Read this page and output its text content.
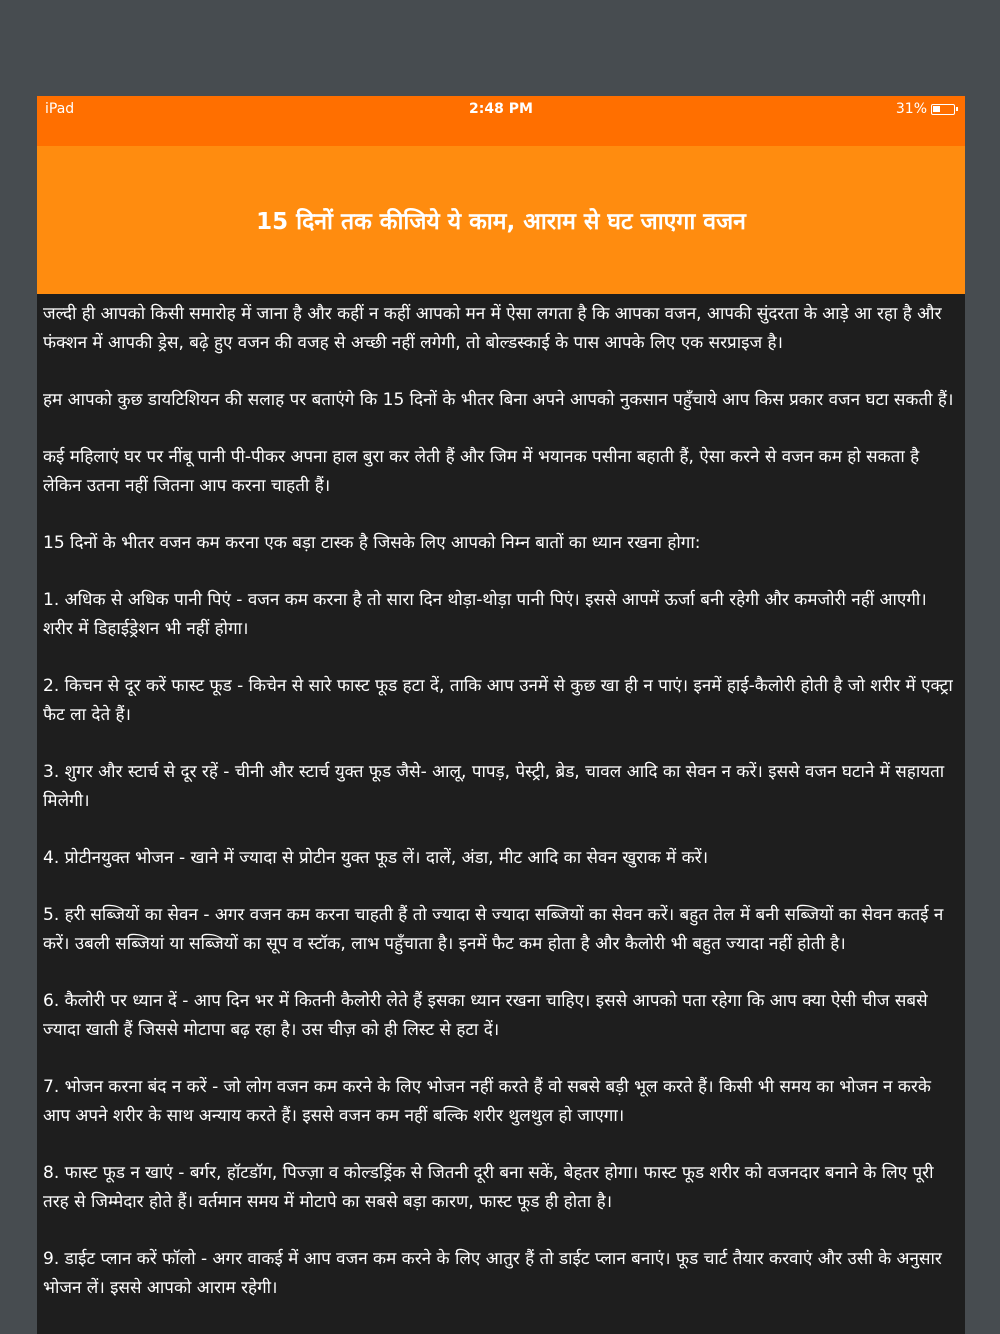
iPad	2:48 PM	31%
15 दिनों तक कीजिये ये काम, आराम से घट जाएगा वजन

जल्दी ही आपको किसी समारोह में जाना है और कहीं न कहीं आपको मन में ऐसा लगता है कि आपका वजन, आपकी सुंदरता के आड़े आ रहा है और फंक्शन में आपकी ड्रेस, बढ़े हुए वजन की वजह से अच्छी नहीं लगेगी, तो बोल्डस्काई के पास आपके लिए एक सरप्राइज है।

हम आपको कुछ डायटिशियन की सलाह पर बताएंगे कि 15 दिनों के भीतर बिना अपने आपको नुकसान पहुँचाये आप किस प्रकार वजन घटा सकती हैं।

कई महिलाएं घर पर नींबू पानी पी-पीकर अपना हाल बुरा कर लेती हैं और जिम में भयानक पसीना बहाती हैं, ऐसा करने से वजन कम हो सकता है लेकिन उतना नहीं जितना आप करना चाहती हैं।

15 दिनों के भीतर वजन कम करना एक बड़ा टास्क है जिसके लिए आपको निम्न बातों का ध्यान रखना होगा:

1. अधिक से अधिक पानी पिएं - वजन कम करना है तो सारा दिन थोड़ा-थोड़ा पानी पिएं। इससे आपमें ऊर्जा बनी रहेगी और कमजोरी नहीं आएगी। शरीर में डिहाईड्रेशन भी नहीं होगा।

2. किचन से दूर करें फास्ट फूड - किचेन से सारे फास्ट फूड हटा दें, ताकि आप उनमें से कुछ खा ही न पाएं। इनमें हाई-कैलोरी होती है जो शरीर में एक्ट्रा फैट ला देते हैं।

3. शुगर और स्टार्च से दूर रहें - चीनी और स्टार्च युक्त फूड जैसे- आलू, पापड़, पेस्ट्री, ब्रेड, चावल आदि का सेवन न करें। इससे वजन घटाने में सहायता मिलेगी।

4. प्रोटीनयुक्त भोजन - खाने में ज्यादा से प्रोटीन युक्त फूड लें। दालें, अंडा, मीट आदि का सेवन खुराक में करें।

5. हरी सब्जियों का सेवन - अगर वजन कम करना चाहती हैं तो ज्यादा से ज्यादा सब्जियों का सेवन करें। बहुत तेल में बनी सब्जियों का सेवन कतई न करें। उबली सब्जियां या सब्जियों का सूप व स्टॉक, लाभ पहुँचाता है। इनमें फैट कम होता है और कैलोरी भी बहुत ज्यादा नहीं होती है।

6. कैलोरी पर ध्यान दें - आप दिन भर में कितनी कैलोरी लेते हैं इसका ध्यान रखना चाहिए। इससे आपको पता रहेगा कि आप क्या ऐसी चीज सबसे ज्यादा खाती हैं जिससे मोटापा बढ़ रहा है। उस चीज़ को ही लिस्ट से हटा दें।

7. भोजन करना बंद न करें - जो लोग वजन कम करने के लिए भोजन नहीं करते हैं वो सबसे बड़ी भूल करते हैं। किसी भी समय का भोजन न करके आप अपने शरीर के साथ अन्याय करते हैं। इससे वजन कम नहीं बल्कि शरीर थुलथुल हो जाएगा।

8. फास्ट फूड न खाएं - बर्गर, हॉटडॉग, पिज्ज़ा व कोल्डड्रिंक से जितनी दूरी बना सकें, बेहतर होगा। फास्ट फूड शरीर को वजनदार बनाने के लिए पूरी तरह से जिम्मेदार होते हैं। वर्तमान समय में मोटापे का सबसे बड़ा कारण, फास्ट फूड ही होता है।

9. डाईट प्लान करें फॉलो - अगर वाकई में आप वजन कम करने के लिए आतुर हैं तो डाईट प्लान बनाएं। फूड चार्ट तैयार करवाएं और उसी के अनुसार भोजन लें। इससे आपको आराम रहेगी।
